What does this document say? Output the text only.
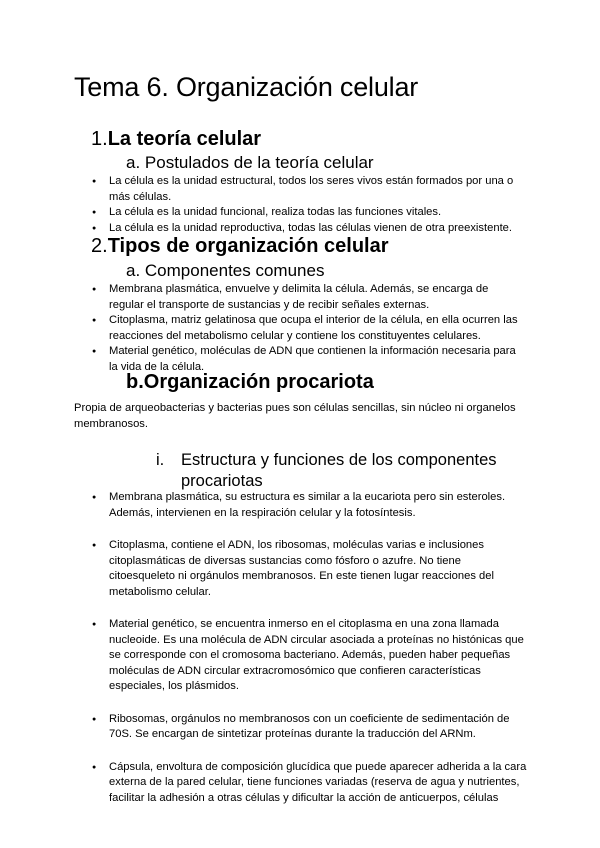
Tema 6. Organización celular
1.La teoría celular
a. Postulados de la teoría celular
● La célula es la unidad estructural, todos los seres vivos están formados por una o más células.
● La célula es la unidad funcional, realiza todas las funciones vitales.
● La célula es la unidad reproductiva, todas las células vienen de otra preexistente.
2.Tipos de organización celular
a. Componentes comunes
● Membrana plasmática, envuelve y delimita la célula. Además, se encarga de regular el transporte de sustancias y de recibir señales externas.
● Citoplasma, matriz gelatinosa que ocupa el interior de la célula, en ella ocurren las reacciones del metabolismo celular y contiene los constituyentes celulares.
● Material genético, moléculas de ADN que contienen la información necesaria para la vida de la célula.
b.Organización procariota

Propia de arqueobacterias y bacterias pues son células sencillas, sin núcleo ni organelos membranosos.

i.	Estructura y funciones de los componentes procariotas
● Membrana plasmática, su estructura es similar a la eucariota pero sin esteroles. Además, intervienen en la respiración celular y la fotosíntesis.
● Citoplasma, contiene el ADN, los ribosomas, moléculas varias e inclusiones citoplasmáticas de diversas sustancias como fósforo o azufre. No tiene citoesqueleto ni orgánulos membranosos. En este tienen lugar reacciones del metabolismo celular.
● Material genético, se encuentra inmerso en el citoplasma en una zona llamada nucleoide. Es una molécula de ADN circular asociada a proteínas no histónicas que se corresponde con el cromosoma bacteriano. Además, pueden haber pequeñas moléculas de ADN circular extracromosómico que confieren características especiales, los plásmidos.
● Ribosomas, orgánulos no membranosos con un coeficiente de sedimentación de 70S. Se encargan de sintetizar proteínas durante la traducción del ARNm.
● Cápsula, envoltura de composición glucídica que puede aparecer adherida a la cara externa de la pared celular, tiene funciones variadas (reserva de agua y nutrientes, facilitar la adhesión a otras células y dificultar la acción de anticuerpos, células
